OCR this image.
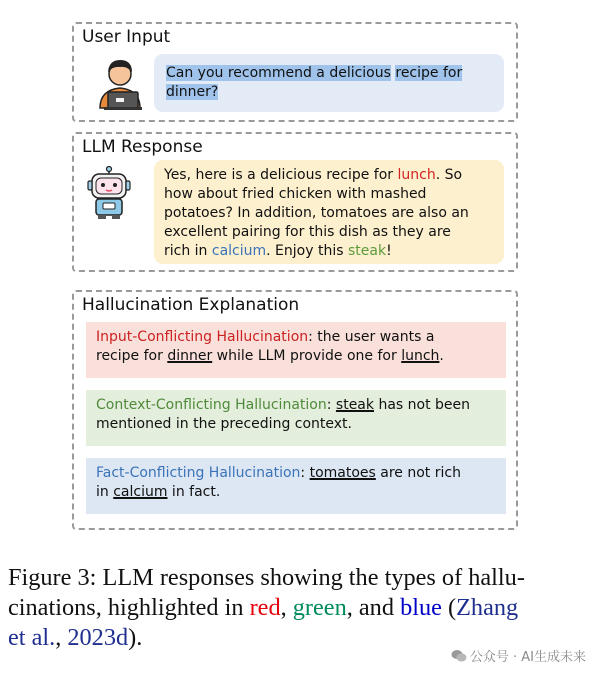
User Input
Can you recommend a delicious recipe for
dinner?
LLM Response
Yes, here is a delicious recipe for lunch. So
how about fried chicken with mashed
potatoes? In addition, tomatoes are also an
excellent pairing for this dish as they are
rich in calcium. Enjoy this steak!
Hallucination Explanation
Input-Conflicting Hallucination: the user wants a
recipe for dinner while LLM provide one for lunch.
Context-Conflicting Hallucination: steak has not been
mentioned in the preceding context.
Fact-Conflicting Hallucination: tomatoes are not rich
in calcium in fact.
Figure 3: LLM responses showing the types of hallu-
cinations, highlighted in red, green, and blue (Zhang
et al., 2023d).
公众号 · AI生成未来
